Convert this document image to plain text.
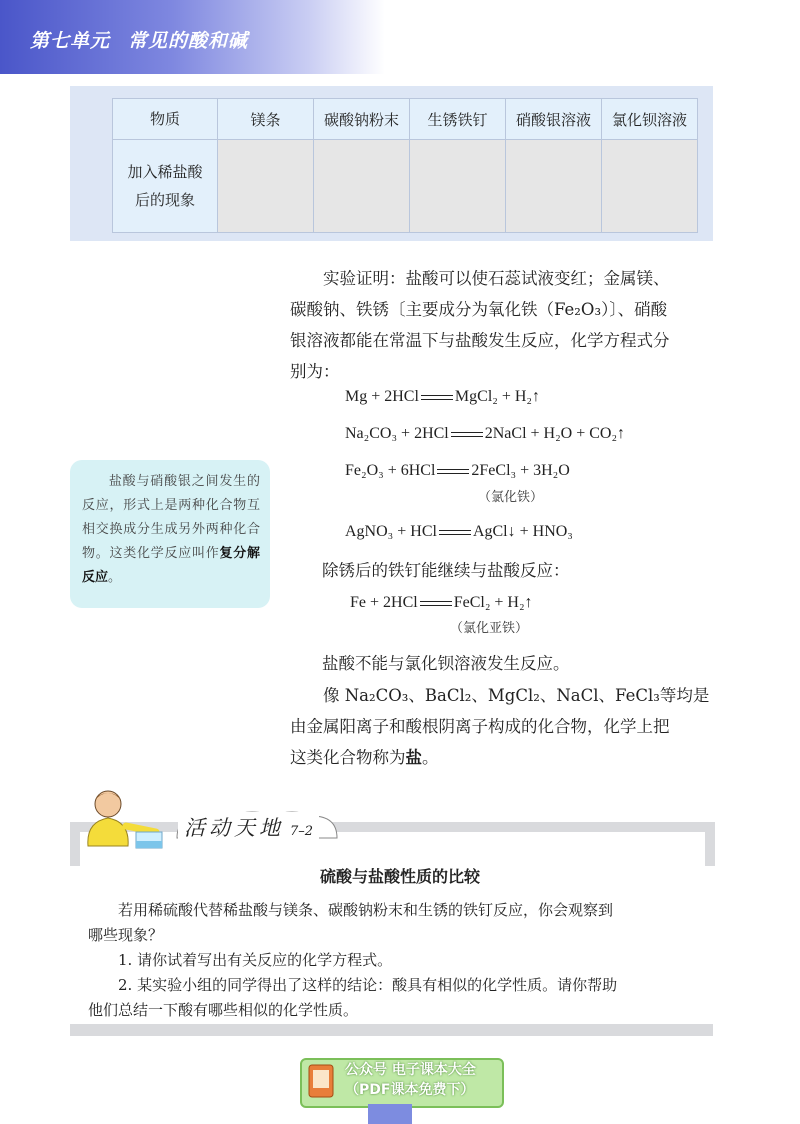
第七单元 常见的酸和碱
物质	镁条	碳酸钠粉末	生锈铁钉	硝酸银溶液	氯化钡溶液

加入稀盐酸
后的现象					

实验证明：盐酸可以使石蕊试液变红；金属镁、
碳酸钠、铁锈〔主要成分为氧化铁（Fe₂O₃）〕、硝酸
银溶液都能在常温下与盐酸发生反应，化学方程式分
别为：
Mg + 2HCl MgCl₂ + H₂↑
Na₂CO₃ + 2HCl 2NaCl + H₂O + CO₂↑
Fe₂O₃ + 6HCl 2FeCl₃ + 3H₂O
（氯化铁）
AgNO₃ + HCl AgCl↓ + HNO₃
除锈后的铁钉能继续与盐酸反应：
Fe + 2HCl FeCl₂ + H₂↑
（氯化亚铁）
盐酸不能与氯化钡溶液发生反应。
像 Na₂CO₃、BaCl₂、MgCl₂、NaCl、FeCl₃等均是
由金属阳离子和酸根阴离子构成的化合物，化学上把
这类化合物称为盐。
盐酸与硝酸银之间发生的反应，形式上是两种化合物互相交换成分生成另外两种化合物。这类化学反应叫作复分解反应。
活动天地 7–2
硫酸与盐酸性质的比较
若用稀硫酸代替稀盐酸与镁条、碳酸钠粉末和生锈的铁钉反应，你会观察到
哪些现象？
1. 请你试着写出有关反应的化学方程式。
2. 某实验小组的同学得出了这样的结论：酸具有相似的化学性质。请你帮助
他们总结一下酸有哪些相似的化学性质。
公众号 电子课本大全
（PDF课本免费下）
